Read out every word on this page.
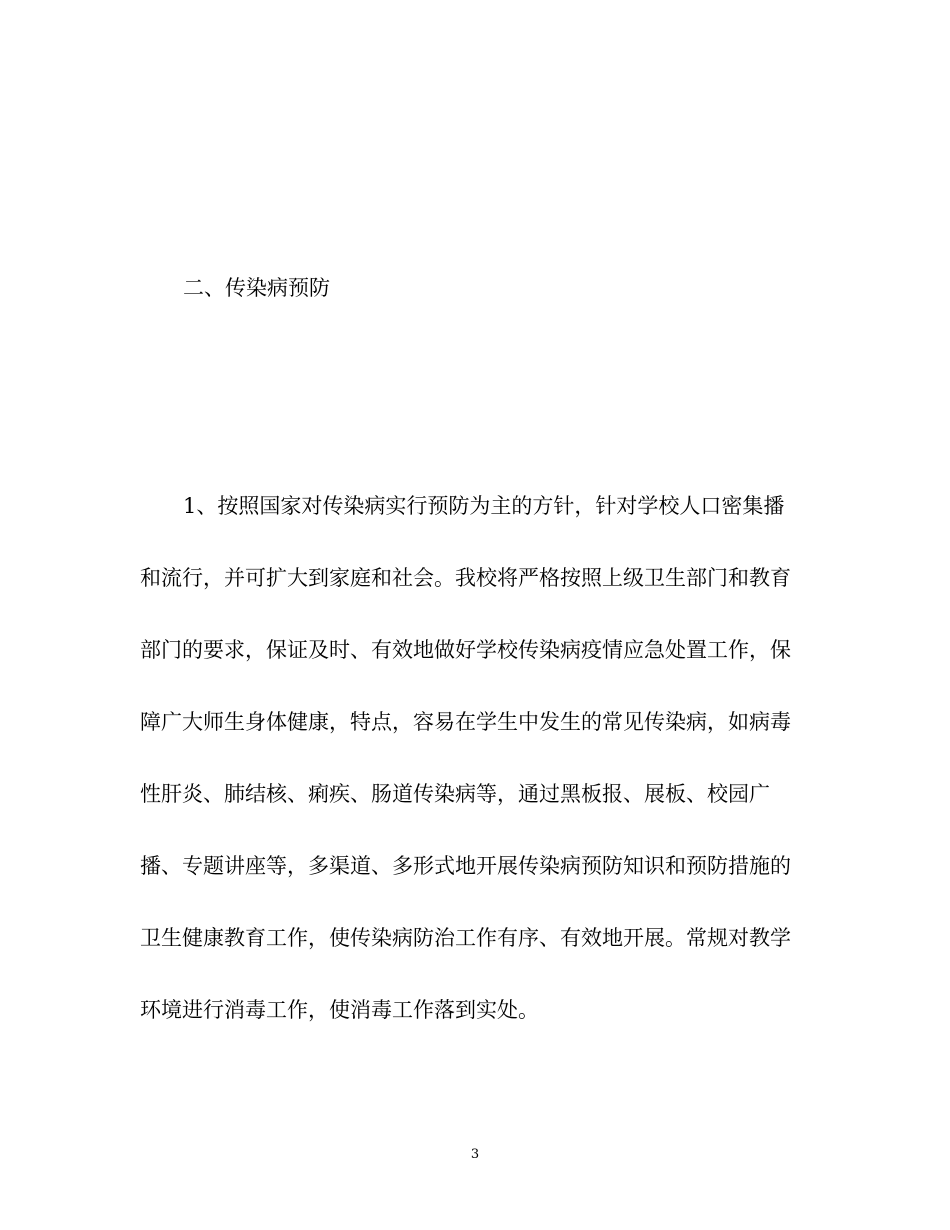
二、传染病预防

1、按照国家对传染病实行预防为主的方针，针对学校人口密集播

和流行，并可扩大到家庭和社会。我校将严格按照上级卫生部门和教育

部门的要求，保证及时、有效地做好学校传染病疫情应急处置工作，保

障广大师生身体健康，特点，容易在学生中发生的常见传染病，如病毒

性肝炎、肺结核、痢疾、肠道传染病等，通过黑板报、展板、校园广

播、专题讲座等，多渠道、多形式地开展传染病预防知识和预防措施的

卫生健康教育工作，使传染病防治工作有序、有效地开展。常规对教学

环境进行消毒工作，使消毒工作落到实处。

3
